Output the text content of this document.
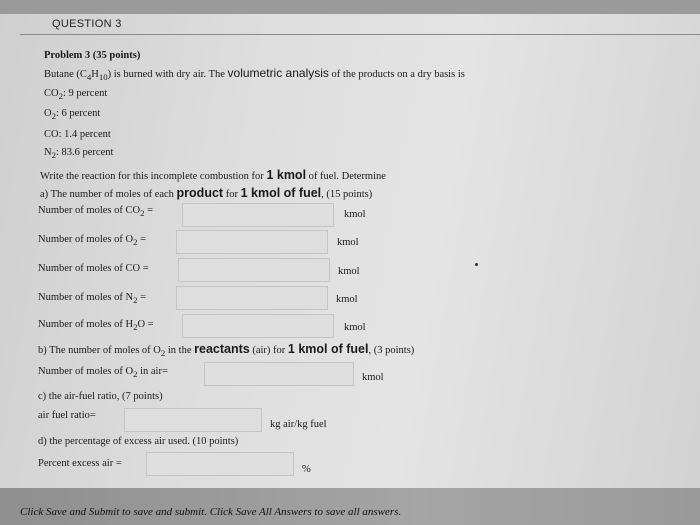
QUESTION 3
Problem 3 (35 points)
Butane $(C_4H_{10})$ is burned with dry air. The volumetric analysis of the products on a dry basis is
$CO_2$: 9 percent
$O_2$: 6 percent
CO: 1.4 percent
$N_2$: 83.6 percent
Write the reaction for this incomplete combustion for 1 kmol of fuel. Determine
a) The number of moles of each product for 1 kmol of fuel, (15 points)
Number of moles of $CO_2$ =	kmol
Number of moles of $O_2$ =	kmol
Number of moles of CO =	kmol
Number of moles of $N_2$ =	kmol
Number of moles of $H_2O$ =	kmol
b) The number of moles of $O_2$ in the reactants (air) for 1 kmol of fuel, (3 points)
Number of moles of $O_2$ in air=
kmol
c) the air-fuel ratio, (7 points)
air fuel ratio=
kg air/kg fuel
d) the percentage of excess air used. (10 points)
Percent excess air =
%
Click Save and Submit to save and submit. Click Save All Answers to save all answers.
